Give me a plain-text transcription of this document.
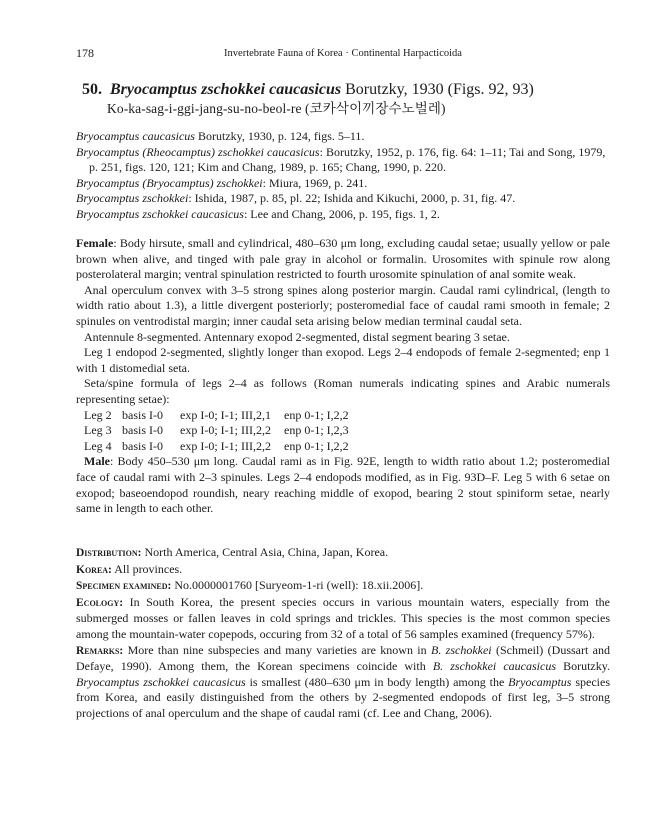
178	Invertebrate Fauna of Korea · Continental Harpacticoida
50. Bryocamptus zschokkei caucasicus Borutzky, 1930 (Figs. 92, 93)
Ko-ka-sag-i-ggi-jang-su-no-beol-re (코카삭이끼장수노벌레)
Bryocamptus caucasicus Borutzky, 1930, p. 124, figs. 5–11.
Bryocamptus (Rheocamptus) zschokkei caucasicus: Borutzky, 1952, p. 176, fig. 64: 1–11; Tai and Song, 1979, p. 251, figs. 120, 121; Kim and Chang, 1989, p. 165; Chang, 1990, p. 220.
Bryocamptus (Bryocamptus) zschokkei: Miura, 1969, p. 241.
Bryocamptus zschokkei: Ishida, 1987, p. 85, pl. 22; Ishida and Kikuchi, 2000, p. 31, fig. 47.
Bryocamptus zschokkei caucasicus: Lee and Chang, 2006, p. 195, figs. 1, 2.

Female: Body hirsute, small and cylindrical, 480–630 μm long, excluding caudal setae; usually yellow or pale brown when alive, and tinged with pale gray in alcohol or formalin. Urosomites with spinule row along posterolateral margin; ventral spinulation restricted to fourth urosomite spinulation of anal somite weak.

Anal operculum convex with 3–5 strong spines along posterior margin. Caudal rami cylindrical, (length to width ratio about 1.3), a little divergent posteriorly; posteromedial face of caudal rami smooth in female; 2 spinules on ventrodistal margin; inner caudal seta arising below median terminal caudal seta.

Antennule 8-segmented. Antennary exopod 2-segmented, distal segment bearing 3 setae.

Leg 1 endopod 2-segmented, slightly longer than exopod. Legs 2–4 endopods of female 2-segmented; enp 1 with 1 distomedial seta.

Seta/spine formula of legs 2–4 as follows (Roman numerals indicating spines and Arabic numerals representing setae):

Leg 2 basis I-0	exp I-0; I-1; III,2,1	enp 0-1; I,2,2
Leg 3 basis I-0	exp I-0; I-1; III,2,2	enp 0-1; I,2,3
Leg 4 basis I-0	exp I-0; I-1; III,2,2	enp 0-1; I,2,2

Male: Body 450–530 μm long. Caudal rami as in Fig. 92E, length to width ratio about 1.2; posteromedial face of caudal rami with 2–3 spinules. Legs 2–4 endopods modified, as in Fig. 93D–F. Leg 5 with 6 setae on exopod; baseoendopod roundish, neary reaching middle of exopod, bearing 2 stout spiniform setae, nearly same in length to each other.

Distribution: North America, Central Asia, China, Japan, Korea.

Korea: All provinces.

Specimen examined: No.0000001760 [Suryeom-1-ri (well): 18.xii.2006].

Ecology: In South Korea, the present species occurs in various mountain waters, especially from the submerged mosses or fallen leaves in cold springs and trickles. This species is the most common species among the mountain-water copepods, occuring from 32 of a total of 56 samples examined (frequency 57%).

Remarks: More than nine subspecies and many varieties are known in B. zschokkei (Schmeil) (Dussart and Defaye, 1990). Among them, the Korean specimens coincide with B. zschokkei caucasicus Borutzky. Bryocamptus zschokkei caucasicus is smallest (480–630 μm in body length) among the Bryocamptus species from Korea, and easily distinguished from the others by 2-segmented endopods of first leg, 3–5 strong projections of anal operculum and the shape of caudal rami (cf. Lee and Chang, 2006).
